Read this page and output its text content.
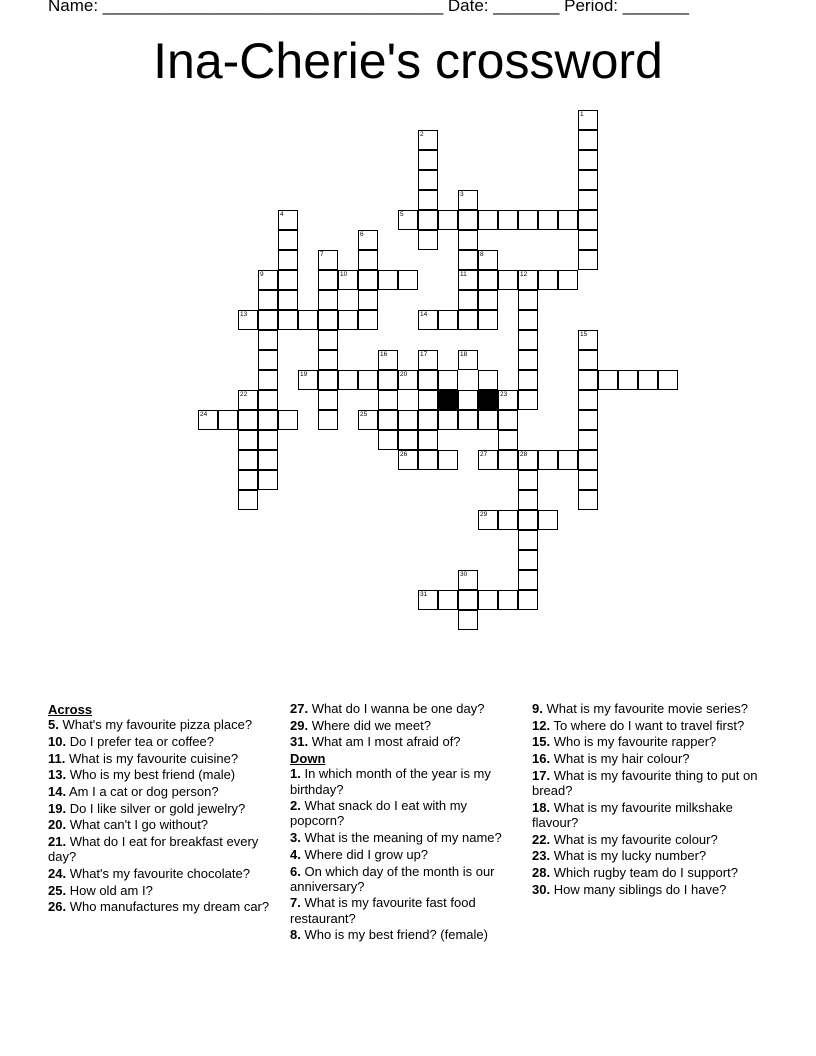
Name: ____________________________________ Date: _______ Period: _______
Ina-Cherie's crossword
1
2
3
5
4
6
7	8
9	10	11	12
13	14
15
16	17	18
19	20
22	23
24	25
26	27	28
29
30
31
Across
5. What's my favourite pizza place?
10. Do I prefer tea or coffee?
11. What is my favourite cuisine?
13. Who is my best friend (male)
14. Am I a cat or dog person?
19. Do I like silver or gold jewelry?
20. What can't I go without?
21. What do I eat for breakfast every day?
24. What's my favourite chocolate?
25. How old am I?
26. Who manufactures my dream car?
27. What do I wanna be one day?
29. Where did we meet?
31. What am I most afraid of?
Down
1. In which month of the year is my birthday?
2. What snack do I eat with my popcorn?
3. What is the meaning of my name?
4. Where did I grow up?
6. On which day of the month is our anniversary?
7. What is my favourite fast food restaurant?
8. Who is my best friend? (female)
9. What is my favourite movie series?
12. To where do I want to travel first?
15. Who is my favourite rapper?
16. What is my hair colour?
17. What is my favourite thing to put on bread?
18. What is my favourite milkshake flavour?
22. What is my favourite colour?
23. What is my lucky number?
28. Which rugby team do I support?
30. How many siblings do I have?
